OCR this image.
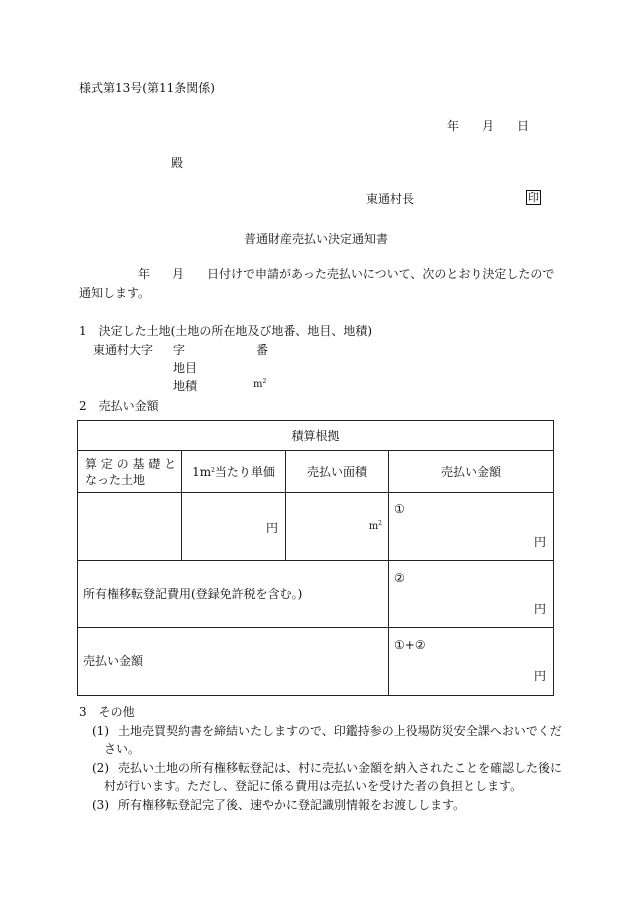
様式第13号(第11条関係)
年 月 日
殿
東通村長	印
普通財産売払い決定通知書
年 月 日付けで申請があった売払いについて、次のとおり決定したので
通知します。
1　決定した土地(土地の所在地及び地番、地目、地積)
東通村大字 字	番
地目
地積	$m^2$
2　売払い金額
積算根拠			

算 定 の 基 礎 と
なった土地	$1m^2$当たり単価	売払い面積	売払い金額

	円	$m^2$	①
円

所有権移転登記費用(登録免許税を含む。)			②
円

売払い金額			①+②
円
3　その他
(1) 土地売買契約書を締結いたしますので、印鑑持参の上役場防災安全課へおいでくだ
さい。
(2) 売払い土地の所有権移転登記は、村に売払い金額を納入されたことを確認した後に
村が行います。ただし、登記に係る費用は売払いを受けた者の負担とします。
(3) 所有権移転登記完了後、速やかに登記識別情報をお渡しします。
